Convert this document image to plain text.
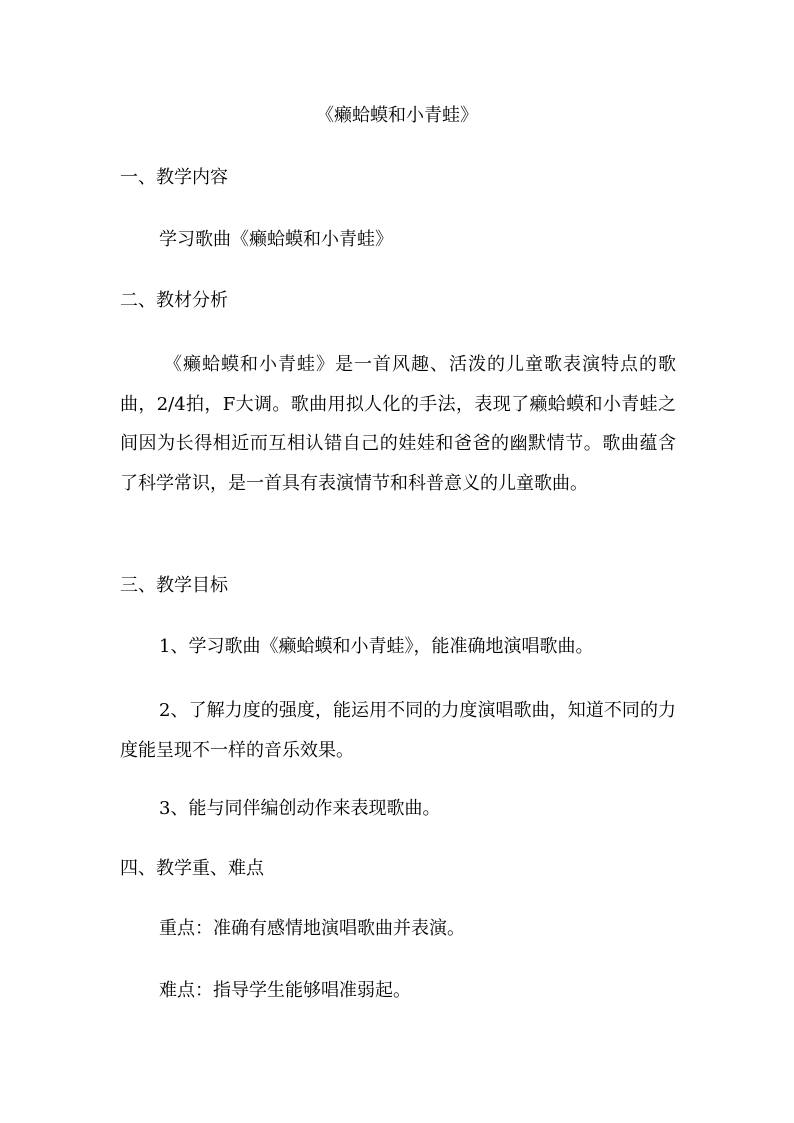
《癞蛤蟆和小青蛙》
一、教学内容
学习歌曲《癞蛤蟆和小青蛙》
二、教材分析
《癞蛤蟆和小青蛙》是一首风趣、活泼的儿童歌表演特点的歌曲，2/4拍，F大调。歌曲用拟人化的手法，表现了癞蛤蟆和小青蛙之间因为长得相近而互相认错自己的娃娃和爸爸的幽默情节。歌曲蕴含了科学常识，是一首具有表演情节和科普意义的儿童歌曲。
三、教学目标
1、学习歌曲《癞蛤蟆和小青蛙》，能准确地演唱歌曲。
2、了解力度的强度，能运用不同的力度演唱歌曲，知道不同的力度能呈现不一样的音乐效果。
3、能与同伴编创动作来表现歌曲。
四、教学重、难点
重点：准确有感情地演唱歌曲并表演。
难点：指导学生能够唱准弱起。
